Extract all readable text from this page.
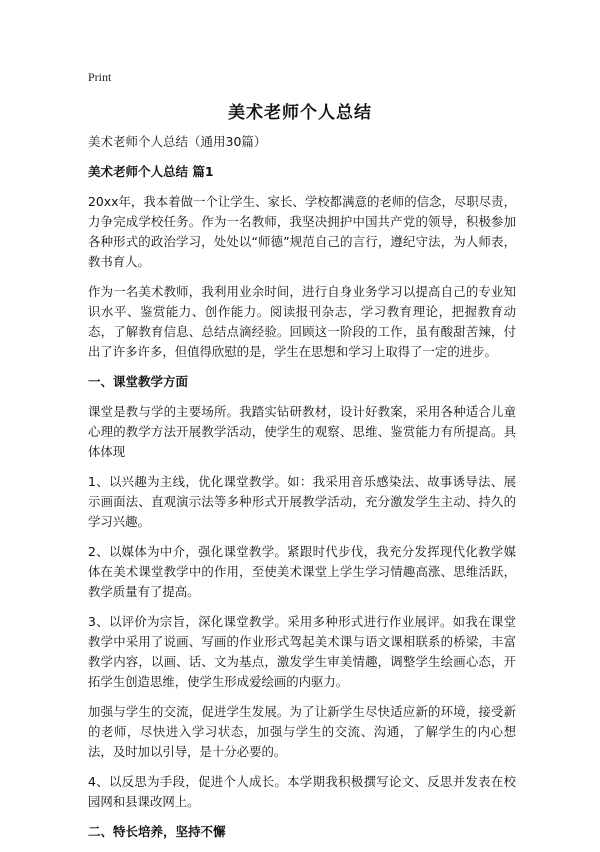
Print
美术老师个人总结

美术老师个人总结（通用30篇）

美术老师个人总结 篇1

20xx年，我本着做一个让学生、家长、学校都满意的老师的信念，尽职尽责，力争完成学校任务。作为一名教师，我坚决拥护中国共产党的领导，积极参加各种形式的政治学习，处处以“师德”规范自己的言行，遵纪守法，为人师表，教书育人。

作为一名美术教师，我利用业余时间，进行自身业务学习以提高自己的专业知识水平、鉴赏能力、创作能力。阅读报刊杂志，学习教育理论，把握教育动态，了解教育信息、总结点滴经验。回顾这一阶段的工作，虽有酸甜苦辣，付出了许多许多，但值得欣慰的是，学生在思想和学习上取得了一定的进步。

一、课堂教学方面

课堂是教与学的主要场所。我踏实钻研教材，设计好教案，采用各种适合儿童心理的教学方法开展教学活动，使学生的观察、思维、鉴赏能力有所提高。具体体现

1、以兴趣为主线，优化课堂教学。如：我采用音乐感染法、故事诱导法、展示画面法、直观演示法等多种形式开展教学活动，充分激发学生主动、持久的学习兴趣。

2、以媒体为中介，强化课堂教学。紧跟时代步伐，我充分发挥现代化教学媒体在美术课堂教学中的作用，至使美术课堂上学生学习情趣高涨、思维活跃，教学质量有了提高。

3、以评价为宗旨，深化课堂教学。采用多种形式进行作业展评。如我在课堂教学中采用了说画、写画的作业形式驾起美术课与语文课相联系的桥梁，丰富教学内容，以画、话、文为基点，激发学生审美情趣，调整学生绘画心态，开拓学生创造思维，使学生形成爱绘画的内驱力。

加强与学生的交流，促进学生发展。为了让新学生尽快适应新的环境，接受新的老师，尽快进入学习状态，加强与学生的交流、沟通，了解学生的内心想法，及时加以引导，是十分必要的。

4、以反思为手段，促进个人成长。本学期我积极撰写论文、反思并发表在校园网和县课改网上。

二、特长培养，坚持不懈
